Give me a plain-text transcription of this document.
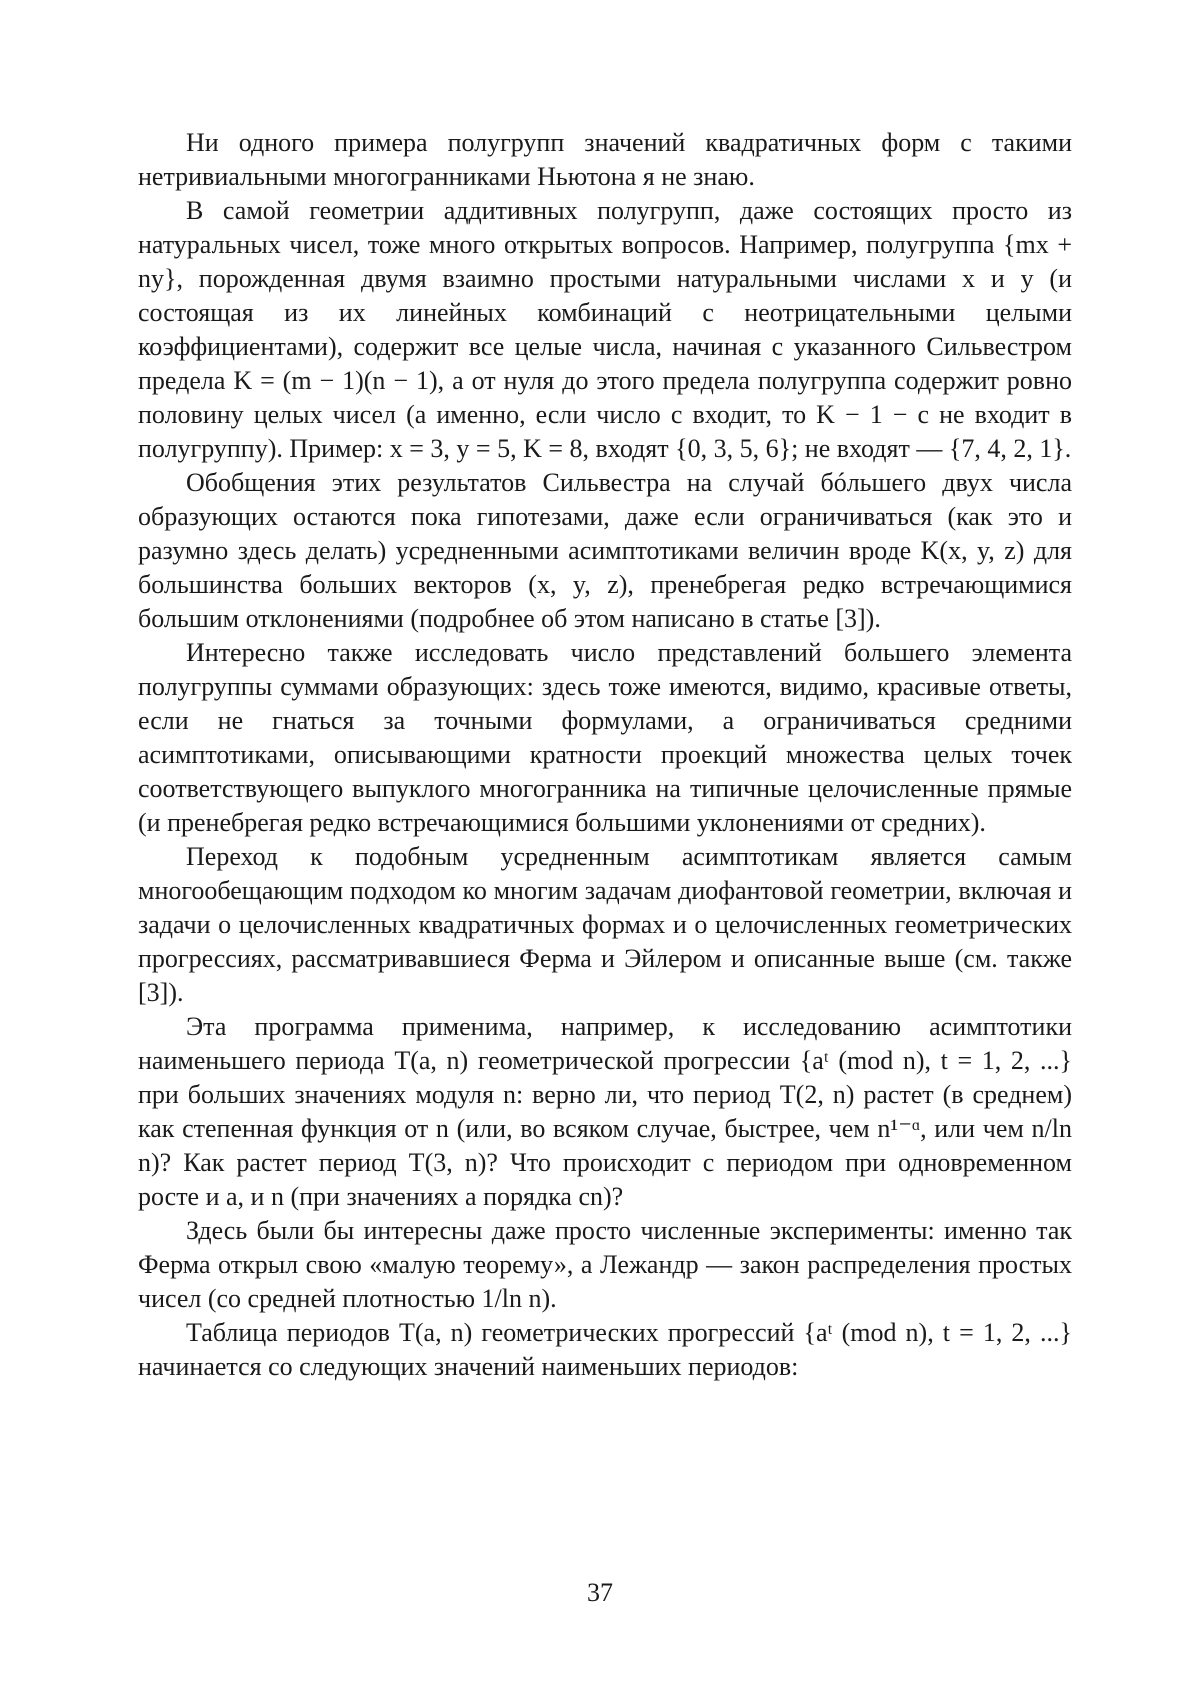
Ни одного примера полугрупп значений квадратичных форм с такими нетривиальными многогранниками Ньютона я не знаю.

В самой геометрии аддитивных полугрупп, даже состоящих просто из натуральных чисел, тоже много открытых вопросов. Например, полугруппа {mx + ny}, порожденная двумя взаимно простыми натуральными числами x и y (и состоящая из их линейных комбинаций с неотрицательными целыми коэффициентами), содержит все целые числа, начиная с указанного Сильвестром предела K = (m − 1)(n − 1), а от нуля до этого предела полугруппа содержит ровно половину целых чисел (а именно, если число c входит, то K − 1 − c не входит в полугруппу). Пример: x = 3, y = 5, K = 8, входят {0, 3, 5, 6}; не входят — {7, 4, 2, 1}.

Обобщения этих результатов Сильвестра на случай бóльшего двух числа образующих остаются пока гипотезами, даже если ограничиваться (как это и разумно здесь делать) усредненными асимптотиками величин вроде K(x, y, z) для большинства больших векторов (x, y, z), пренебрегая редко встречающимися большим отклонениями (подробнее об этом написано в статье [3]).

Интересно также исследовать число представлений большего элемента полугруппы суммами образующих: здесь тоже имеются, видимо, красивые ответы, если не гнаться за точными формулами, а ограничиваться средними асимптотиками, описывающими кратности проекций множества целых точек соответствующего выпуклого многогранника на типичные целочисленные прямые (и пренебрегая редко встречающимися большими уклонениями от средних).

Переход к подобным усредненным асимптотикам является самым многообещающим подходом ко многим задачам диофантовой геометрии, включая и задачи о целочисленных квадратичных формах и о целочисленных геометрических прогрессиях, рассматривавшиеся Ферма и Эйлером и описанные выше (см. также [3]).

Эта программа применима, например, к исследованию асимптотики наименьшего периода T(a, n) геометрической прогрессии {aᵗ (mod n), t = 1, 2, ...} при больших значениях модуля n: верно ли, что период T(2, n) растет (в среднем) как степенная функция от n (или, во всяком случае, быстрее, чем n¹⁻ᵅ, или чем n/ln n)? Как растет период T(3, n)? Что происходит с периодом при одновременном росте и a, и n (при значениях a порядка cn)?

Здесь были бы интересны даже просто численные эксперименты: именно так Ферма открыл свою «малую теорему», а Лежандр — закон распределения простых чисел (со средней плотностью 1/ln n).

Таблица периодов T(a, n) геометрических прогрессий {aᵗ (mod n), t = 1, 2, ...} начинается со следующих значений наименьших периодов:

37
